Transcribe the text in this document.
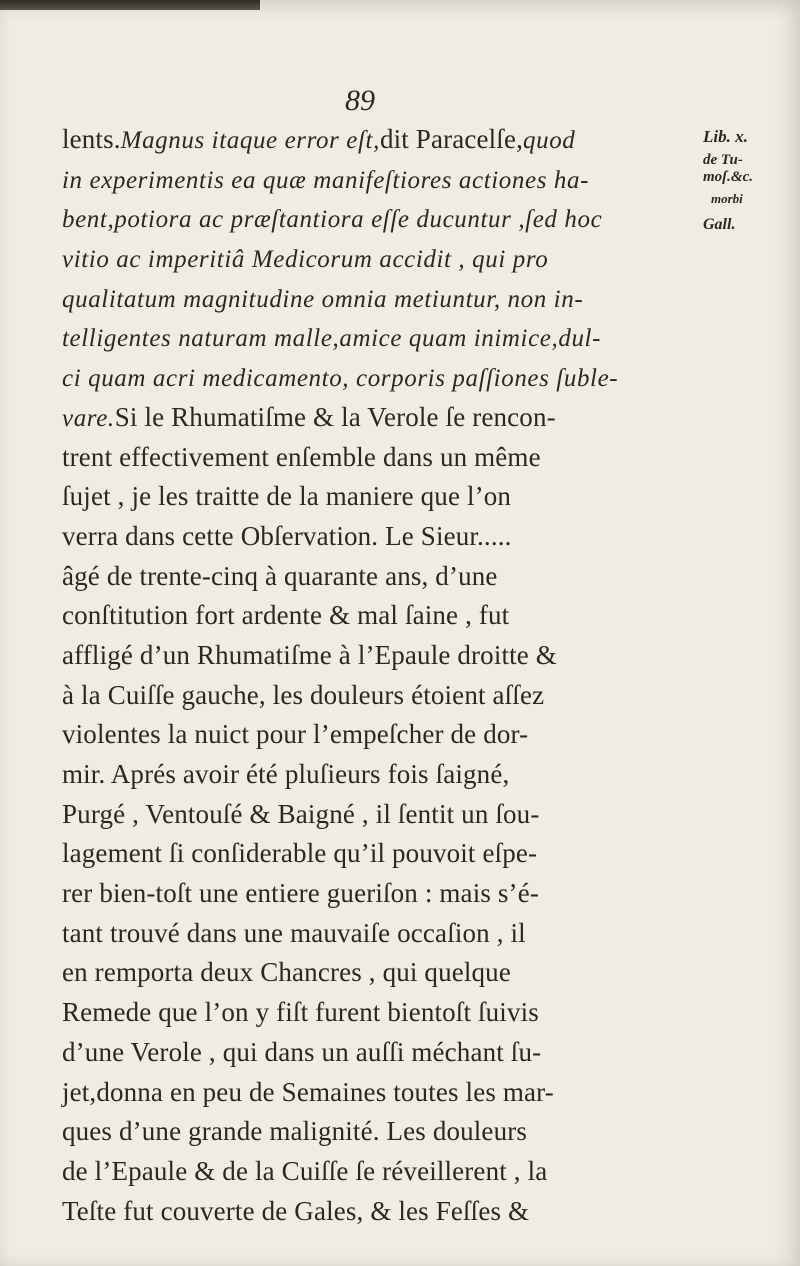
89
lents.Magnus itaque error eſt,dit Paracelſe,quod
in experimentis ea quæ manifeſtiores actiones ha-
bent,potiora ac præſtantiora eſſe ducuntur ,ſed hoc
vitio ac imperitiâ Medicorum accidit , qui pro
qualitatum magnitudine omnia metiuntur, non in-
telligentes naturam malle,amice quam inimice,dul-
ci quam acri medicamento, corporis paſſiones ſuble-
vare.Si le Rhumatiſme & la Verole ſe rencon-
trent effectivement enſemble dans un même
ſujet , je les traitte de la maniere que l’on
verra dans cette Obſervation. Le Sieur.....
âgé de trente-cinq à quarante ans, d’une
conſtitution fort ardente & mal ſaine , fut
affligé d’un Rhumatiſme à l’Epaule droitte &
à la Cuiſſe gauche, les douleurs étoient aſſez
violentes la nuict pour l’empeſcher de dor-
mir. Aprés avoir été pluſieurs fois ſaigné,
Purgé , Ventouſé & Baigné , il ſentit un ſou-
lagement ſi conſiderable qu’il pouvoit eſpe-
rer bien-toſt une entiere gueriſon : mais s’é-
tant trouvé dans une mauvaiſe occaſion , il
en remporta deux Chancres , qui quelque
Remede que l’on y fiſt furent bientoſt ſuivis
d’une Verole , qui dans un auſſi méchant ſu-
jet,donna en peu de Semaines toutes les mar-
ques d’une grande malignité. Les douleurs
de l’Epaule & de la Cuiſſe ſe réveillerent , la
Teſte fut couverte de Gales, & les Feſſes &
Lib. x.
de Tu-
moſ.&c.
morbi
Gall.
